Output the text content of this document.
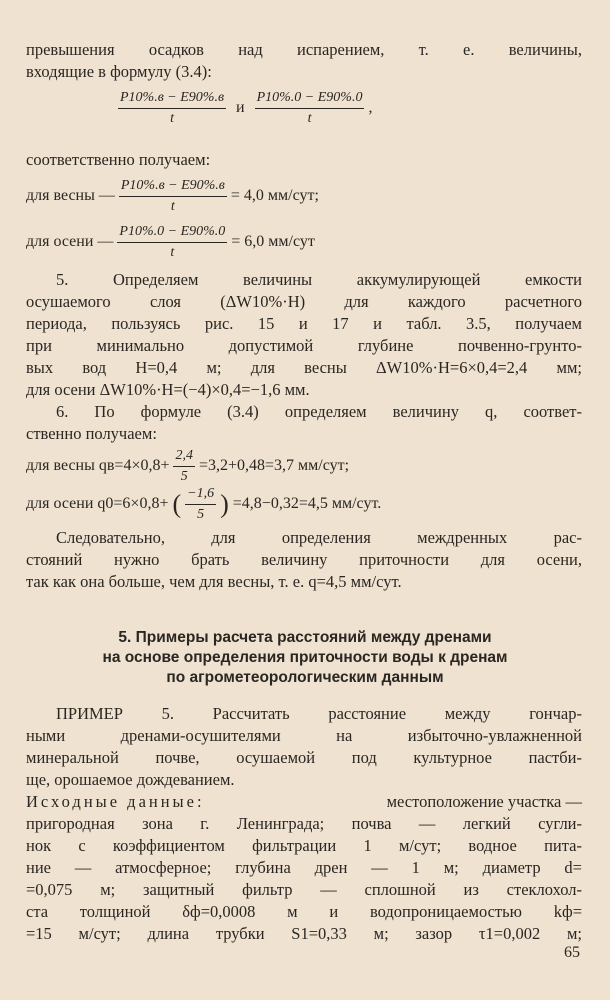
превышения осадков над испарением, т. е. величины,
входящие в формулу (3.4):
$\frac{P10\%.в - E90\%.в}{t}$ и $\frac{P10\%.0 - E90\%.0}{t}$ ,
соответственно получаем:
для весны — $\frac{P10\%.в - E90\%.в}{t} = 4,0$ мм/сут;
для осени — $\frac{P10\%.0 - E90\%.0}{t} = 6,0$ мм/сут
5. Определяем величины аккумулирующей емкости
осушаемого слоя (ΔW10%·H) для каждого расчетного
периода, пользуясь рис. 15 и 17 и табл. 3.5, получаем
при минимально допустимой глубине почвенно-грунто-
вых вод H=0,4 м; для весны ΔW10%·H=6×0,4=2,4 мм;
для осени ΔW10%·H=(−4)×0,4=−1,6 мм.
6. По формуле (3.4) определяем величину q, соответ-
ственно получаем:
для весны $qв=4\times 0,8+ \frac{2,4}{5} =3,2+0,48=3,7$ мм/сут;
для осени q0=6×0,8+ ( $\frac{-1,6}{5}$ ) =4,8−0,32=4,5 мм/сут.
Следовательно, для определения междренных рас-
стояний нужно брать величину приточности для осени,
так как она больше, чем для весны, т. е. q=4,5 мм/сут.
5. Примеры расчета расстояний между дренами
на основе определения приточности воды к дренам
по агрометеорологическим данным
ПРИМЕР 5. Рассчитать расстояние между гончар-
ными дренами-осушителями на избыточно-увлажненной
минеральной почве, осушаемой под культурное пастби-
ще, орошаемое дождеванием.
Исходные данные:	местоположение участка —
пригородная зона г. Ленинграда; почва — легкий сугли-
нок с коэффициентом фильтрации 1 м/сут; водное пита-
ние — атмосферное; глубина дрен — 1 м; диаметр d=
=0,075 м; защитный фильтр — сплошной из стеклохол-
ста толщиной δф=0,0008 м и водопроницаемостью kф=
=15 м/сут; длина трубки S1=0,33 м; зазор τ1=0,002 м;
65
